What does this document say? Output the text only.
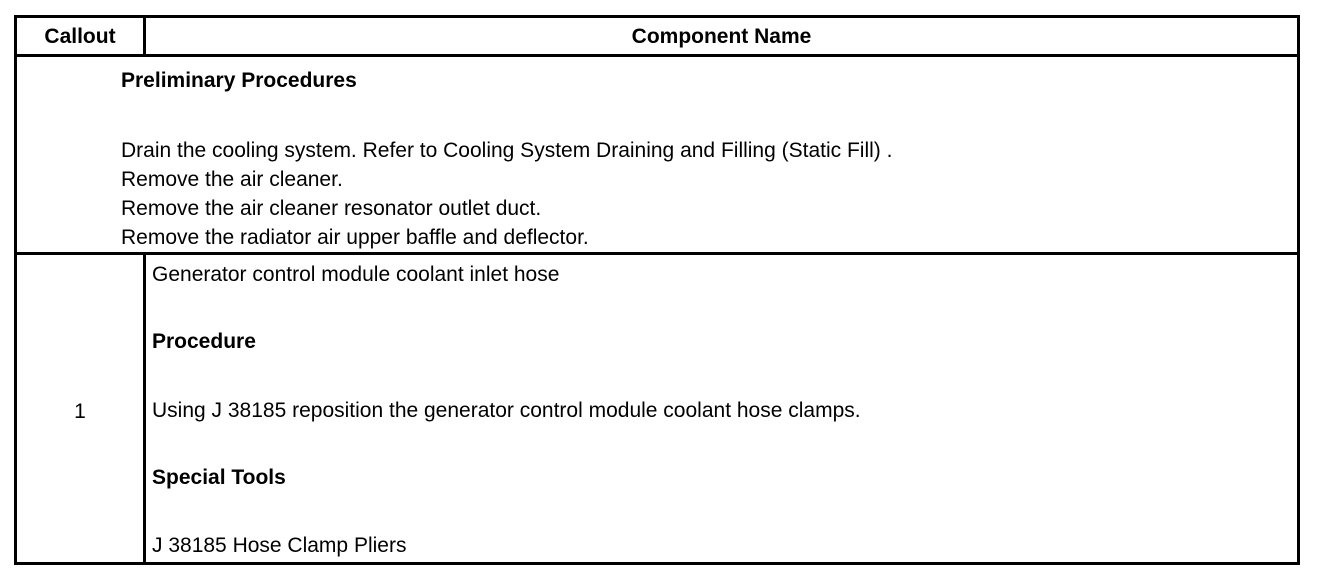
Callout	Component Name
Preliminary Procedures
Drain the cooling system. Refer to Cooling System Draining and Filling (Static Fill) .
Remove the air cleaner.
Remove the air cleaner resonator outlet duct.
Remove the radiator air upper baffle and deflector.
1
Generator control module coolant inlet hose
Procedure
Using J 38185 reposition the generator control module coolant hose clamps.
Special Tools
J 38185 Hose Clamp Pliers
